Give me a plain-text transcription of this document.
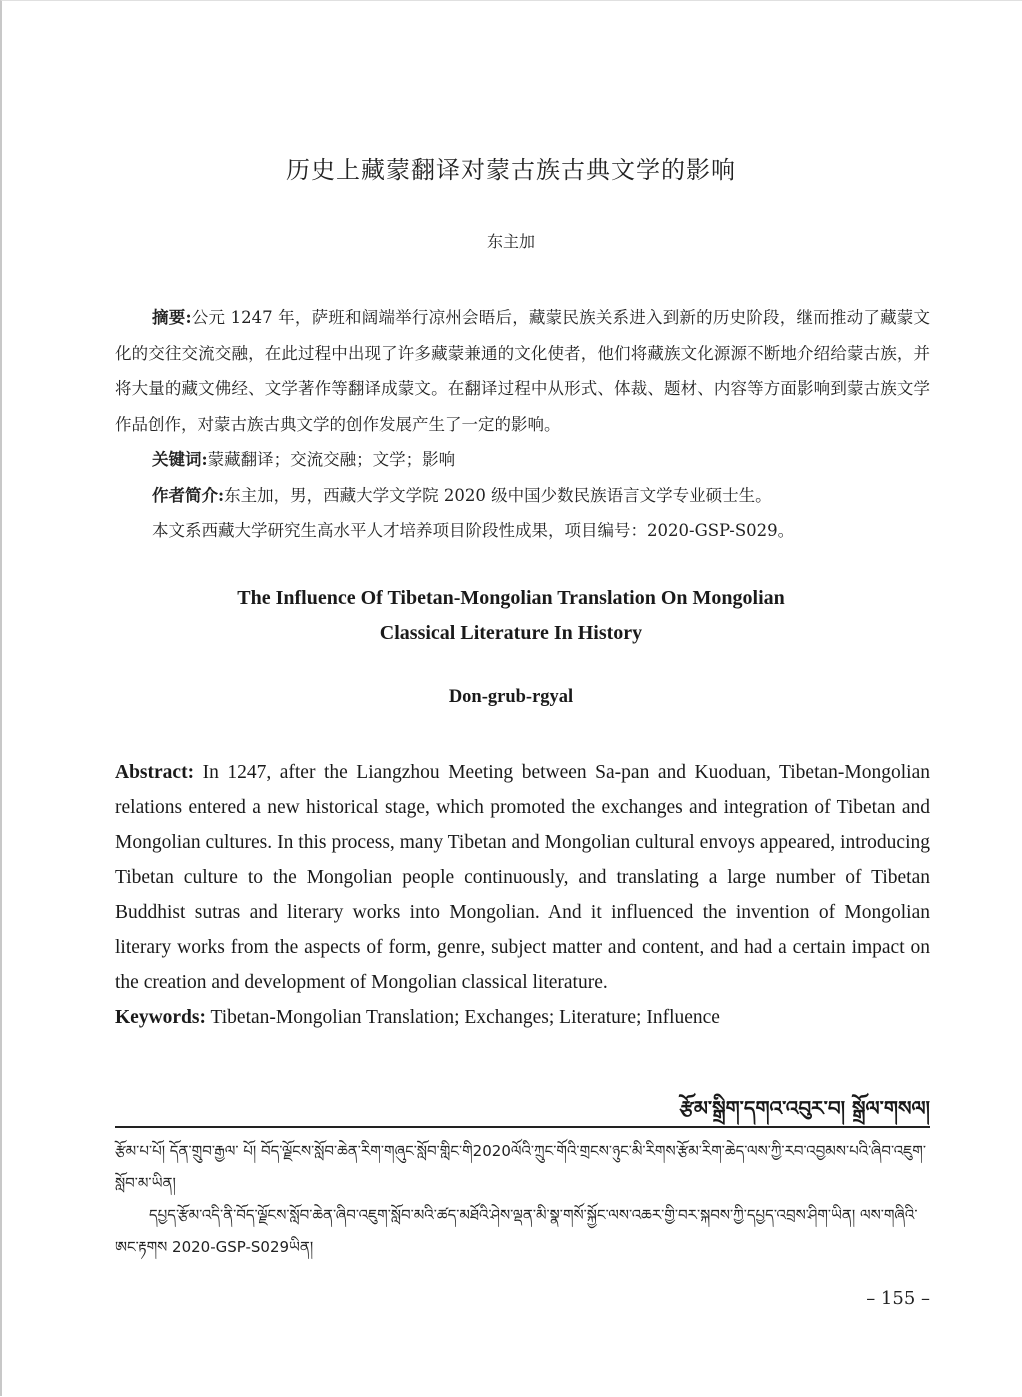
历史上藏蒙翻译对蒙古族古典文学的影响
东主加

摘要:公元 1247 年，萨班和阔端举行凉州会晤后，藏蒙民族关系进入到新的历史阶段，继而推动了藏蒙文化的交往交流交融，在此过程中出现了许多藏蒙兼通的文化使者，他们将藏族文化源源不断地介绍给蒙古族，并将大量的藏文佛经、文学著作等翻译成蒙文。在翻译过程中从形式、体裁、题材、内容等方面影响到蒙古族文学作品创作，对蒙古族古典文学的创作发展产生了一定的影响。

关键词:蒙藏翻译；交流交融；文学；影响

作者简介:东主加，男，西藏大学文学院 2020 级中国少数民族语言文学专业硕士生。

本文系西藏大学研究生高水平人才培养项目阶段性成果，项目编号：2020-GSP-S029。

The Influence Of Tibetan-Mongolian Translation On Mongolian
Classical Literature In History
Don-grub-rgyal

Abstract: In 1247, after the Liangzhou Meeting between Sa-pan and Kuoduan, Tibetan-Mongolian relations entered a new historical stage, which promoted the exchanges and integration of Tibetan and Mongolian cultures. In this process, many Tibetan and Mongolian cultural envoys appeared, introducing Tibetan culture to the Mongolian people continuously, and translating a large number of Tibetan Buddhist sutras and literary works into Mongolian. And it influenced the invention of Mongolian literary works from the aspects of form, genre, subject matter and content, and had a certain impact on the creation and development of Mongolian classical literature.

Keywords: Tibetan-Mongolian Translation; Exchanges; Literature; Influence

རྩོམ་སྒྲིག་དགའ་འབུར་བ། སྒྲོལ་གསལ།

རྩོམ་པ་པོ། དོན་གྲུབ་རྒྱལ་ པོ། བོད་ལྗོངས་སློབ་ཆེན་རིག་གཞུང་སློབ་གླིང་གི2020ལོའི་ཀྲུང་གོའི་གྲངས་ཉུང་མི་རིགས་རྩོམ་རིག་ཆེད་ལས་ཀྱི་རབ་འབྱམས་པའི་ཞིབ་འཇུག་སློབ་མ་ཡིན།

དཔྱད་རྩོམ་འདི་ནི་བོད་ལྗོངས་སློབ་ཆེན་ཞིབ་འཇུག་སློབ་མའི་ཚད་མཐོའི་ཤེས་ལྡན་མི་སྣ་གསོ་སྐྱོང་ལས་འཆར་གྱི་བར་སྐབས་ཀྱི་དཔྱད་འབྲས་ཤིག་ཡིན། ལས་གཞིའི་ཨང་རྟགས 2020-GSP-S029ཡིན།

– 155 –
